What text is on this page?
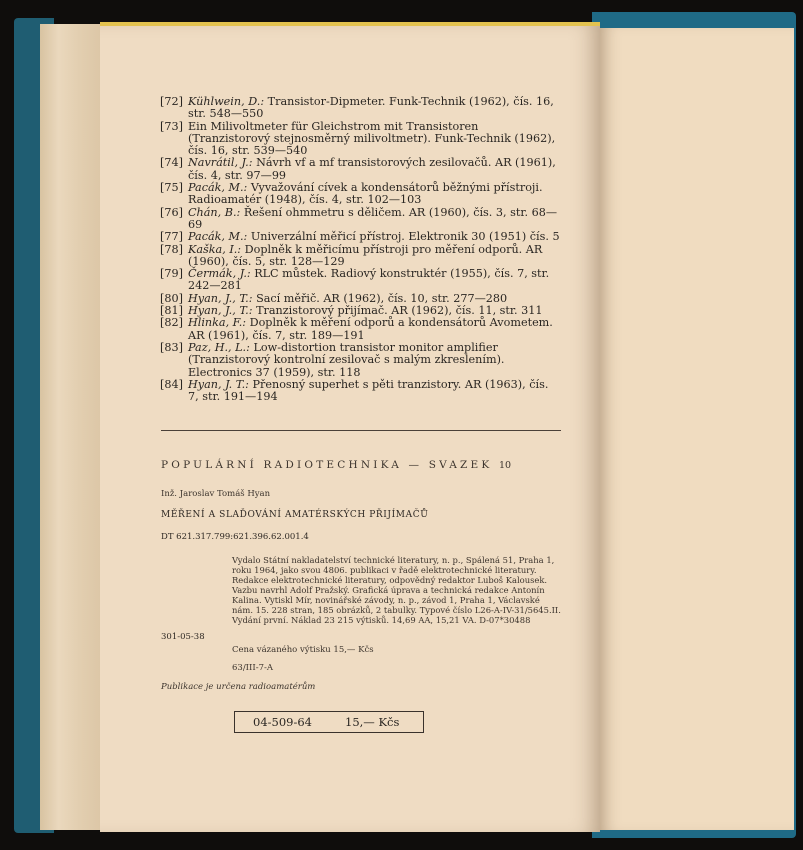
[72] Kühlwein, D.: Transistor-Dipmeter. Funk-Technik (1962), čís. 16, str. 548—550
[73] Ein Milivoltmeter für Gleichstrom mit Transistoren (Tranzistorový stejnosměrný milivoltmetr). Funk-Technik (1962), čís. 16, str. 539—540
[74] Navrátil, J.: Návrh vf a mf transistorových zesilovačů. AR (1961), čís. 4, str. 97—99
[75] Pacák, M.: Vyvažování cívek a kondensátorů běžnými přístroji. Radioamatér (1948), čís. 4, str. 102—103
[76] Chán, B.: Řešení ohmmetru s děličem. AR (1960), čís. 3, str. 68—69
[77] Pacák, M.: Univerzální měřicí přístroj. Elektronik 30 (1951) čís. 5
[78] Kaška, I.: Doplněk k měřicímu přístroji pro měření odporů. AR (1960), čís. 5, str. 128—129
[79] Čermák, J.: RLC můstek. Radiový konstruktér (1955), čís. 7, str. 242—281
[80] Hyan, J., T.: Sací měřič. AR (1962), čís. 10, str. 277—280
[81] Hyan, J., T.: Tranzistorový přijímač. AR (1962), čís. 11, str. 311
[82] Hlinka, F.: Doplněk k měření odporů a kondensátorů Avometem. AR (1961), čís. 7, str. 189—191
[83] Paz, H., L.: Low-distortion transistor monitor amplifier (Tranzistorový kontrolní zesilovač s malým zkreslením). Electronics 37 (1959), str. 118
[84] Hyan, J. T.: Přenosný superhet s pěti tranzistory. AR (1963), čís. 7, str. 191—194
POPULÁRNÍ RADIOTECHNIKA — SVAZEK 10
Inž. Jaroslav Tomáš Hyan
MĚŘENÍ A SLAĎOVÁNÍ AMATÉRSKÝCH PŘIJÍMAČŮ
DT 621.317.799:621.396.62.001.4
Vydalo Státní nakladatelství technické literatury, n. p., Spálená 51, Praha 1, roku 1964, jako svou 4806. publikaci v řadě elektrotechnické literatury. Redakce elektrotechnické literatury, odpovědný redaktor Luboš Kalousek. Vazbu navrhl Adolf Pražský. Grafická úprava a technická redakce Antonín Kalina. Vytiskl Mír, novinářské závody, n. p., závod 1, Praha 1, Václavské nám. 15. 228 stran, 185 obrázků, 2 tabulky. Typové číslo L26-A-IV-31/5645.II. Vydání první. Náklad 23 215 výtisků. 14,69 AA, 15,21 VA. D-07*30488
301-05-38
Cena vázaného výtisku 15,— Kčs
63/III-7-A
Publikace je určena radioamatérům
04-509-64	15,— Kčs
